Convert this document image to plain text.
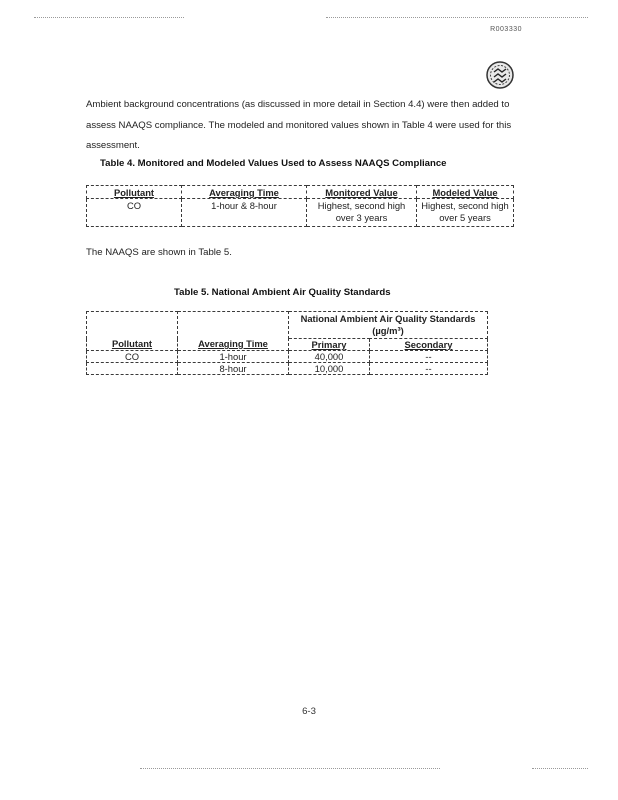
R003330
Ambient background concentrations (as discussed in more detail in Section 4.4) were then added to assess NAAQS compliance. The modeled and monitored values shown in Table 4 were used for this assessment.
Table 4. Monitored and Modeled Values Used to Assess NAAQS Compliance
Pollutant	Averaging Time	Monitored Value	Modeled Value
CO	1-hour & 8-hour	Highest, second high over 3 years	Highest, second high over 5 years
The NAAQS are shown in Table 5.
Table 5. National Ambient Air Quality Standards
Pollutant	Averaging Time	National Ambient Air Quality Standards (µg/m³)	
		Primary	Secondary
CO	1-hour	40,000	--
	8-hour	10,000	--
6-3
